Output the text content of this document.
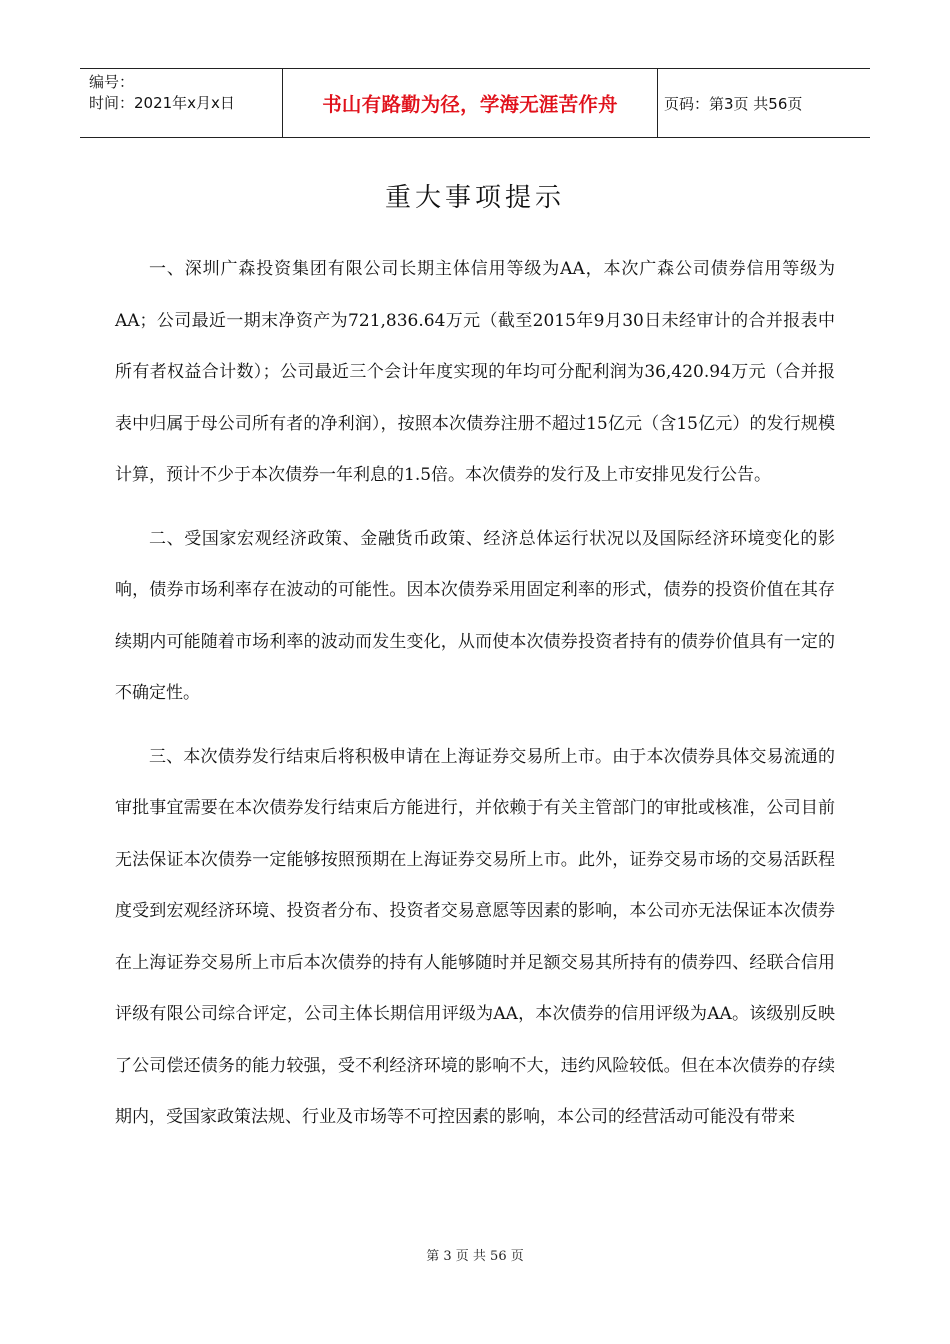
编号：
时间：2021年x月x日	书山有路勤为径，学海无涯苦作舟	页码：第3页 共56页
重大事项提示

一、深圳广森投资集团有限公司长期主体信用等级为AA，本次广森公司债券信用等级为AA；公司最近一期末净资产为721,836.64万元（截至2015年9月30日未经审计的合并报表中所有者权益合计数）；公司最近三个会计年度实现的年均可分配利润为36,420.94万元（合并报表中归属于母公司所有者的净利润），按照本次债券注册不超过15亿元（含15亿元）的发行规模计算，预计不少于本次债券一年利息的1.5倍。本次债券的发行及上市安排见发行公告。

二、受国家宏观经济政策、金融货币政策、经济总体运行状况以及国际经济环境变化的影响，债券市场利率存在波动的可能性。因本次债券采用固定利率的形式，债券的投资价值在其存续期内可能随着市场利率的波动而发生变化，从而使本次债券投资者持有的债券价值具有一定的不确定性。

三、本次债券发行结束后将积极申请在上海证券交易所上市。由于本次债券具体交易流通的审批事宜需要在本次债券发行结束后方能进行，并依赖于有关主管部门的审批或核准，公司目前无法保证本次债券一定能够按照预期在上海证券交易所上市。此外，证券交易市场的交易活跃程度受到宏观经济环境、投资者分布、投资者交易意愿等因素的影响，本公司亦无法保证本次债券在上海证券交易所上市后本次债券的持有人能够随时并足额交易其所持有的债券四、经联合信用评级有限公司综合评定，公司主体长期信用评级为AA，本次债券的信用评级为AA。该级别反映了公司偿还债务的能力较强，受不利经济环境的影响不大，违约风险较低。但在本次债券的存续期内，受国家政策法规、行业及市场等不可控因素的影响，本公司的经营活动可能没有带来

第 3 页 共 56 页
